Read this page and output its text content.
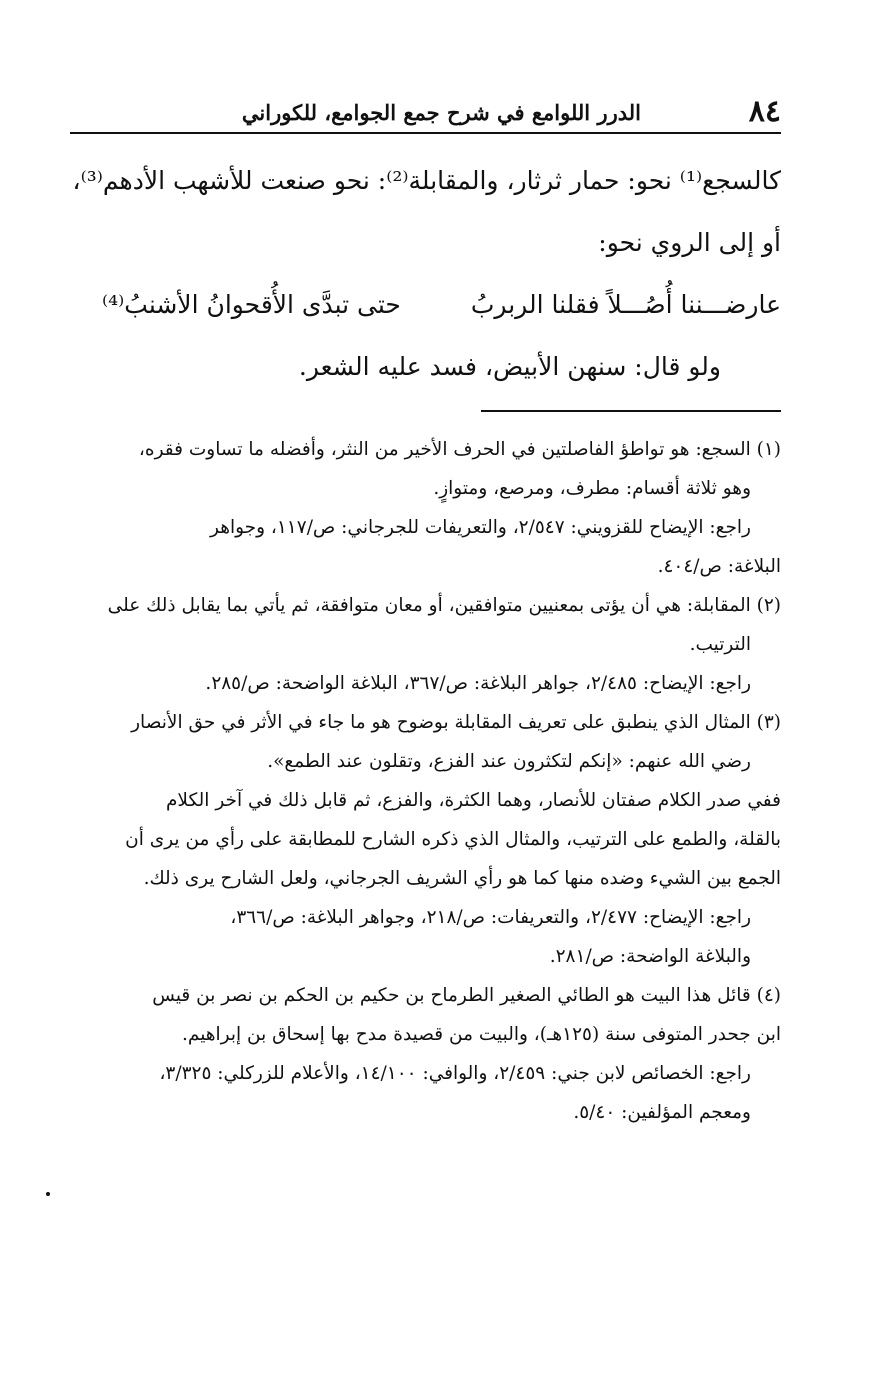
٨٤
الدرر اللوامع في شرح جمع الجوامع، للكوراني
كالسجع⁽¹⁾ نحو: حمار ثرثار، والمقابلة⁽²⁾: نحو صنعت للأشهب الأدهم⁽³⁾،
أو إلى الروي نحو:
عارضـــننا أُصُـــلاً فقلنا الربربُ
حتى تبدَّى الأُقحوانُ الأشنبُ⁽⁴⁾
ولو قال: سنهن الأبيض، فسد عليه الشعر.
(١) السجع: هو تواطؤ الفاصلتين في الحرف الأخير من النثر، وأفضله ما تساوت فقره،
وهو ثلاثة أقسام: مطرف، ومرصع، ومتوازٍ.
راجع: الإيضاح للقزويني: ٢/٥٤٧، والتعريفات للجرجاني: ص/١١٧، وجواهر
البلاغة: ص/٤٠٤.
(٢) المقابلة: هي أن يؤتى بمعنيين متوافقين، أو معان متوافقة، ثم يأتي بما يقابل ذلك على
الترتيب.
راجع: الإيضاح: ٢/٤٨٥، جواهر البلاغة: ص/٣٦٧، البلاغة الواضحة: ص/٢٨٥.
(٣) المثال الذي ينطبق على تعريف المقابلة بوضوح هو ما جاء في الأثر في حق الأنصار
رضي الله عنهم: «إنكم لتكثرون عند الفزع، وتقلون عند الطمع».
ففي صدر الكلام صفتان للأنصار، وهما الكثرة، والفزع، ثم قابل ذلك في آخر الكلام
بالقلة، والطمع على الترتيب، والمثال الذي ذكره الشارح للمطابقة على رأي من يرى أن
الجمع بين الشيء وضده منها كما هو رأي الشريف الجرجاني، ولعل الشارح يرى ذلك.
راجع: الإيضاح: ٢/٤٧٧، والتعريفات: ص/٢١٨، وجواهر البلاغة: ص/٣٦٦،
والبلاغة الواضحة: ص/٢٨١.
(٤) قائل هذا البيت هو الطائي الصغير الطرماح بن حكيم بن الحكم بن نصر بن قيس
ابن جحدر المتوفى سنة (١٢٥هـ)، والبيت من قصيدة مدح بها إسحاق بن إبراهيم.
راجع: الخصائص لابن جني: ٢/٤٥٩، والوافي: ١٤/١٠٠، والأعلام للزركلي: ٣/٣٢٥،
ومعجم المؤلفين: ٥/٤٠.
